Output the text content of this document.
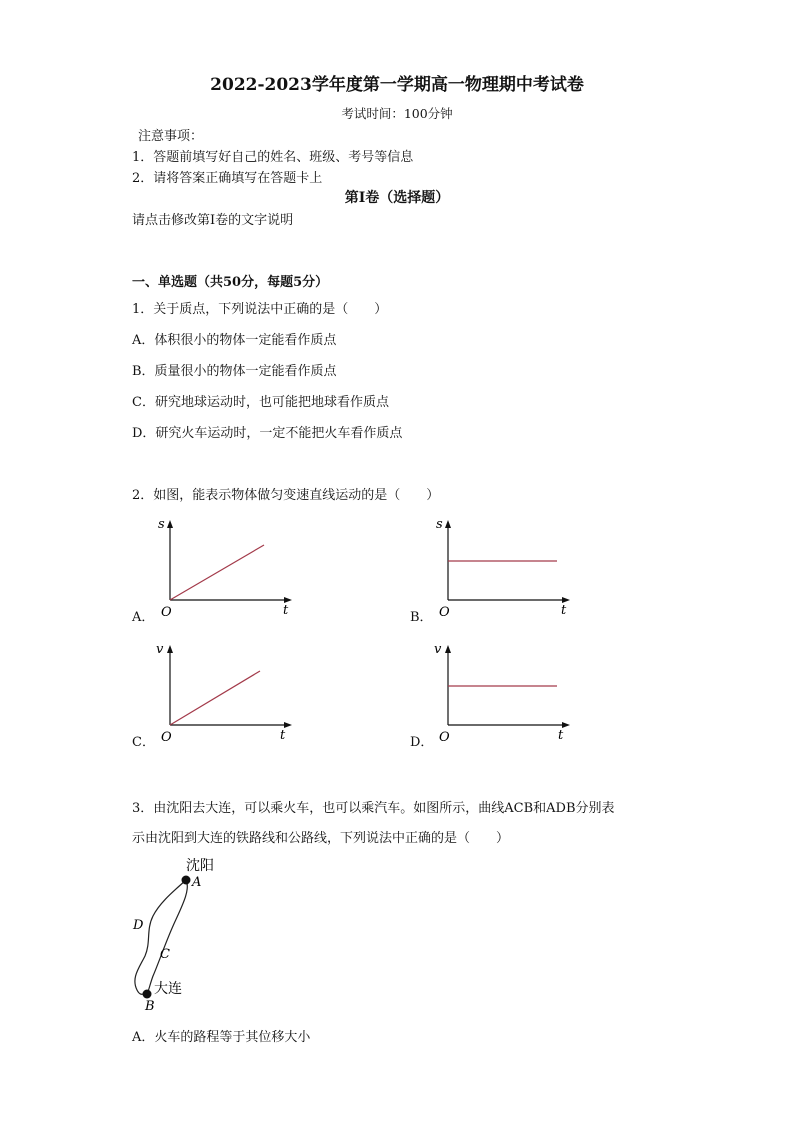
2022-2023学年度第一学期高一物理期中考试卷
考试时间：100分钟
注意事项：
1．答题前填写好自己的姓名、班级、考号等信息
2．请将答案正确填写在答题卡上
第I卷（选择题）
请点击修改第I卷的文字说明
一、单选题（共50分，每题5分）
1．关于质点，下列说法中正确的是（　　）
A．体积很小的物体一定能看作质点
B．质量很小的物体一定能看作质点
C．研究地球运动时，也可能把地球看作质点
D．研究火车运动时，一定不能把火车看作质点
2．如图，能表示物体做匀变速直线运动的是（　　）
A．
s
O	t	B．
s
O	t
C．
v
O	t	D．
v
O	t
3．由沈阳去大连，可以乘火车，也可以乘汽车。如图所示，曲线ACB和ADB分别表
示由沈阳到大连的铁路线和公路线，下列说法中正确的是（　　）
沈阳
A
D
C
大连
B
A．火车的路程等于其位移大小
